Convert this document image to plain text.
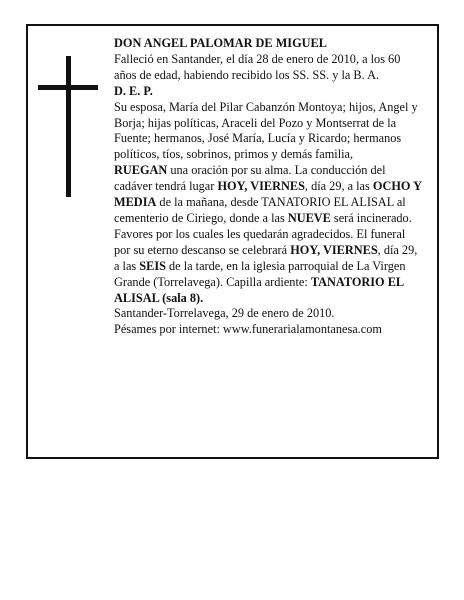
DON ANGEL PALOMAR DE MIGUEL

Falleció en Santander, el día 28 de enero de 2010, a los 60 años de edad, habiendo recibido los SS. SS. y la B. A.

D. E. P.

Su esposa, María del Pilar Cabanzón Montoya; hijos, Angel y Borja; hijas políticas, Araceli del Pozo y Montserrat de la Fuente; hermanos, José María, Lucía y Ricardo; hermanos políticos, tíos, sobrinos, primos y demás familia,

RUEGAN una oración por su alma. La conducción del cadáver tendrá lugar HOY, VIERNES, día 29, a las OCHO Y MEDIA de la mañana, desde TANATORIO EL ALISAL al cementerio de Ciriego, donde a las NUEVE será incinerado. Favores por los cuales les quedarán agradecidos. El funeral por su eterno descanso se celebrará HOY, VIERNES, día 29, a las SEIS de la tarde, en la iglesia parroquial de La Virgen Grande (Torrelavega). Capilla ardiente: TANATORIO EL ALISAL (sala 8).

Santander-Torrelavega, 29 de enero de 2010.

Pésames por internet: www.funerarialamontanesa.com
